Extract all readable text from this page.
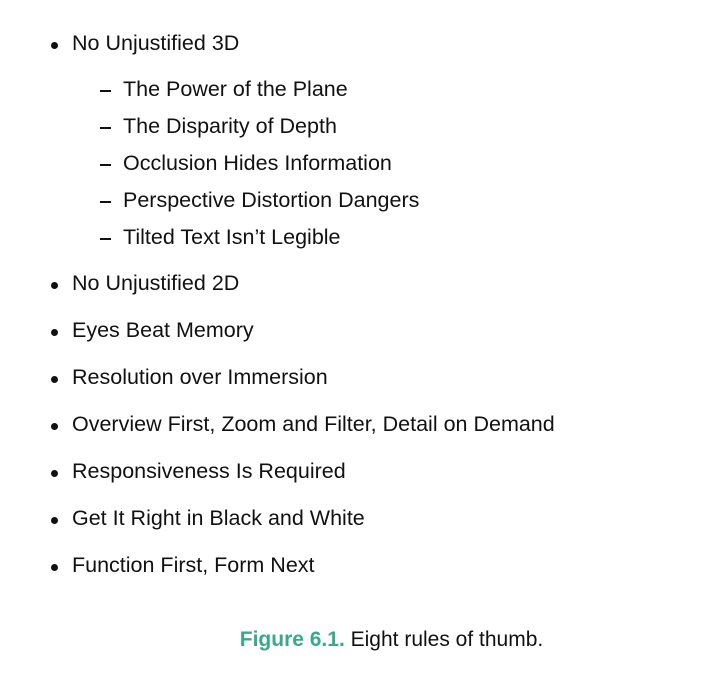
No Unjustified 3D
The Power of the Plane
The Disparity of Depth
Occlusion Hides Information
Perspective Distortion Dangers
Tilted Text Isn’t Legible
No Unjustified 2D
Eyes Beat Memory
Resolution over Immersion
Overview First, Zoom and Filter, Detail on Demand
Responsiveness Is Required
Get It Right in Black and White
Function First, Form Next
Figure 6.1. Eight rules of thumb.
